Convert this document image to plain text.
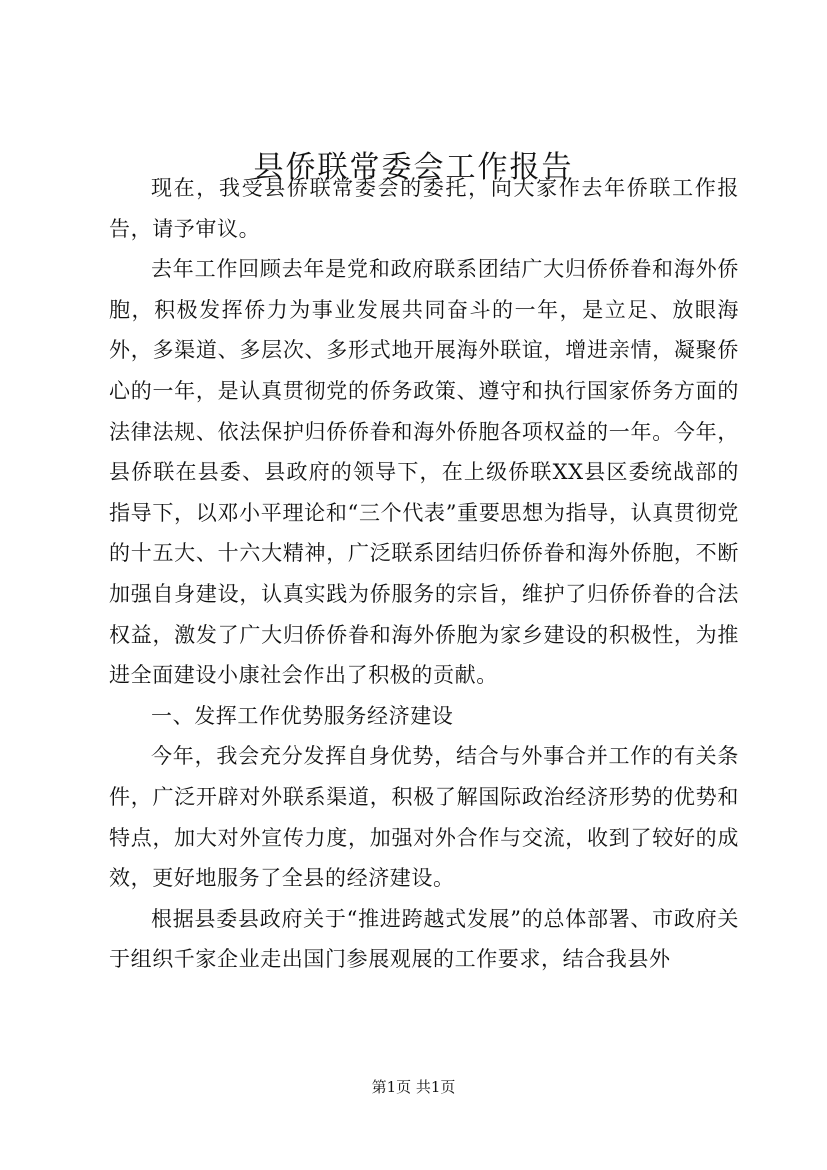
县侨联常委会工作报告

现在，我受县侨联常委会的委托，向大家作去年侨联工作报告，请予审议。

去年工作回顾去年是党和政府联系团结广大归侨侨眷和海外侨胞，积极发挥侨力为事业发展共同奋斗的一年，是立足、放眼海外，多渠道、多层次、多形式地开展海外联谊，增进亲情，凝聚侨心的一年，是认真贯彻党的侨务政策、遵守和执行国家侨务方面的法律法规、依法保护归侨侨眷和海外侨胞各项权益的一年。今年，县侨联在县委、县政府的领导下，在上级侨联XX县区委统战部的指导下，以邓小平理论和“三个代表”重要思想为指导，认真贯彻党的十五大、十六大精神，广泛联系团结归侨侨眷和海外侨胞，不断加强自身建设，认真实践为侨服务的宗旨，维护了归侨侨眷的合法权益，激发了广大归侨侨眷和海外侨胞为家乡建设的积极性，为推进全面建设小康社会作出了积极的贡献。

一、发挥工作优势服务经济建设

今年，我会充分发挥自身优势，结合与外事合并工作的有关条件，广泛开辟对外联系渠道，积极了解国际政治经济形势的优势和特点，加大对外宣传力度，加强对外合作与交流，收到了较好的成效，更好地服务了全县的经济建设。

根据县委县政府关于“推进跨越式发展”的总体部署、市政府关于组织千家企业走出国门参展观展的工作要求，结合我县外

第1页 共1页
